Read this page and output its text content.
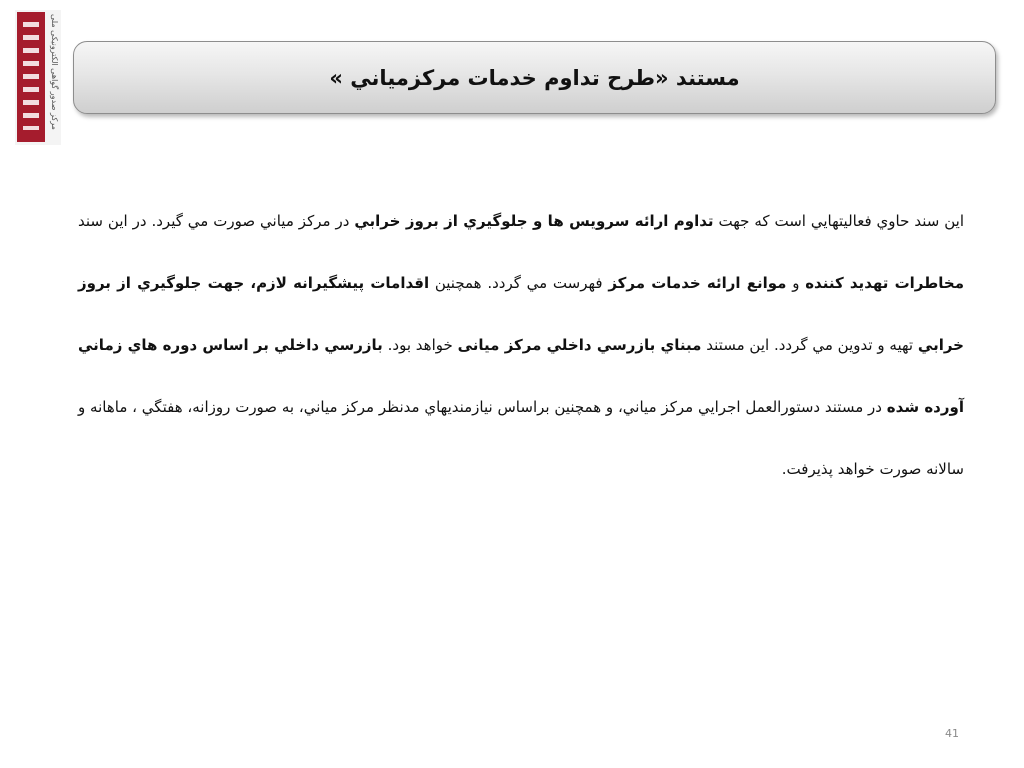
مرکز صدور گواهی الکترونیکی ملی	مستند «طرح تداوم خدمات مرکزمياني »
اين سند حاوي فعاليتهايي است که جهت تداوم ارائه سرويس ها و جلوگيري از بروز خرابي در مرکز مياني صورت مي گيرد. در اين سند مخاطرات تهديد کننده و موانع ارائه خدمات مرکز فهرست مي گردد. همچنين اقدامات پيشگيرانه لازم، جهت جلوگيري از بروز خرابي تهيه و تدوين مي گردد. اين مستند مبناي بازرسي داخلي مرکز ميانی خواهد بود. بازرسي داخلي بر اساس دوره هاي زماني آورده شده در مستند دستورالعمل اجرايي مرکز مياني، و همچنين براساس نيازمنديهاي مدنظر مرکز مياني، به صورت روزانه، هفتگي ، ماهانه و سالانه صورت خواهد پذيرفت.
41
